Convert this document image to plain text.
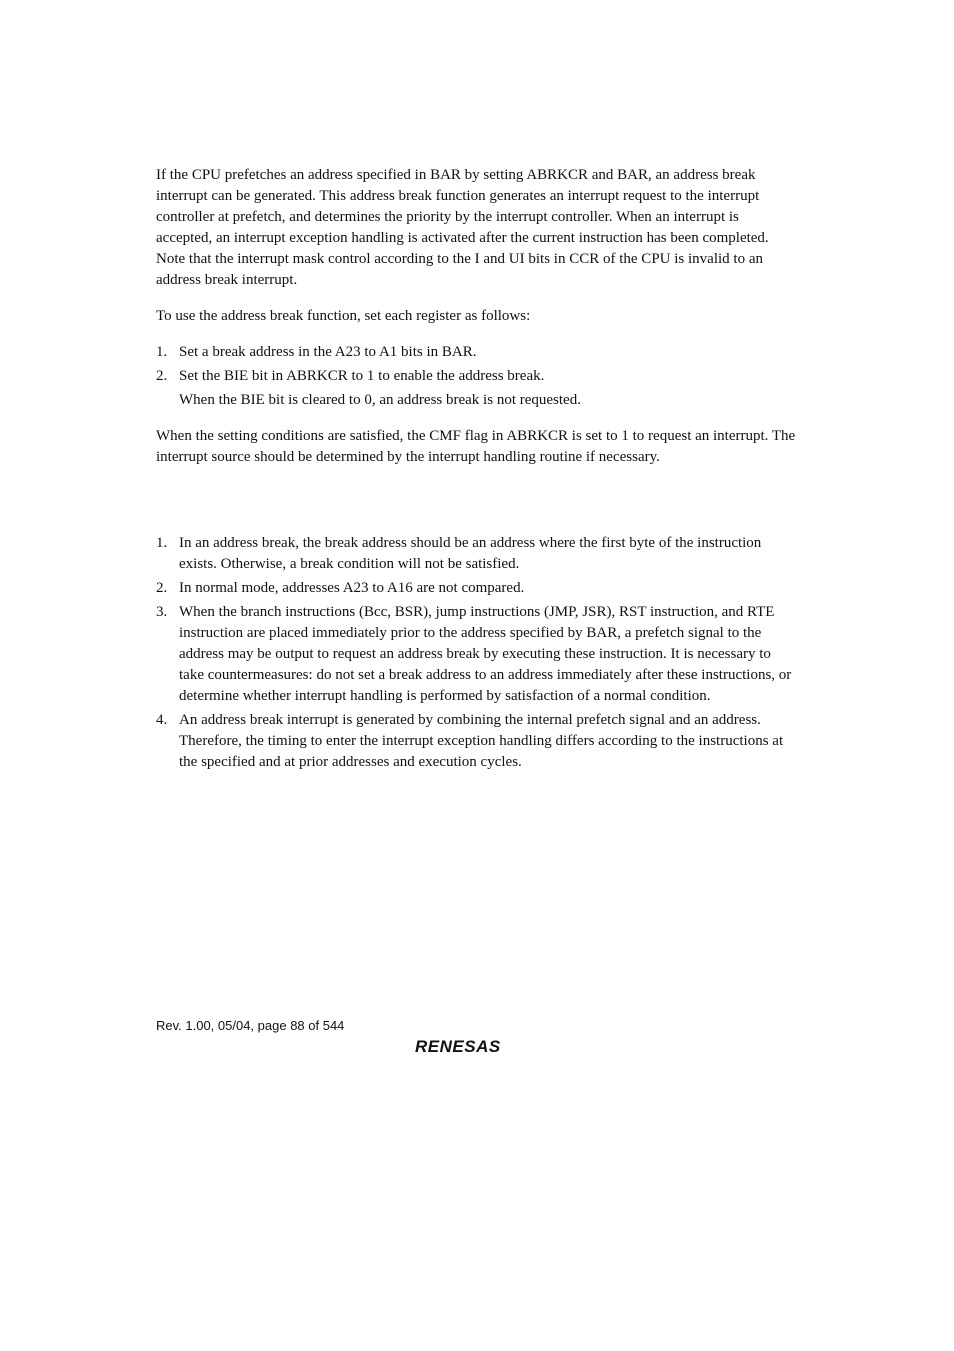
If the CPU prefetches an address specified in BAR by setting ABRKCR and BAR, an address break interrupt can be generated. This address break function generates an interrupt request to the interrupt controller at prefetch, and determines the priority by the interrupt controller. When an interrupt is accepted, an interrupt exception handling is activated after the current instruction has been completed. Note that the interrupt mask control according to the I and UI bits in CCR of the CPU is invalid to an address break interrupt.

To use the address break function, set each register as follows:

1. Set a break address in the A23 to A1 bits in BAR.
2. Set the BIE bit in ABRKCR to 1 to enable the address break.

When the BIE bit is cleared to 0, an address break is not requested.

When the setting conditions are satisfied, the CMF flag in ABRKCR is set to 1 to request an interrupt. The interrupt source should be determined by the interrupt handling routine if necessary.

1. In an address break, the break address should be an address where the first byte of the instruction exists. Otherwise, a break condition will not be satisfied.
2. In normal mode, addresses A23 to A16 are not compared.
3. When the branch instructions (Bcc, BSR), jump instructions (JMP, JSR), RST instruction, and RTE instruction are placed immediately prior to the address specified by BAR, a prefetch signal to the address may be output to request an address break by executing these instruction. It is necessary to take countermeasures: do not set a break address to an address immediately after these instructions, or determine whether interrupt handling is performed by satisfaction of a normal condition.
4. An address break interrupt is generated by combining the internal prefetch signal and an address. Therefore, the timing to enter the interrupt exception handling differs according to the instructions at the specified and at prior addresses and execution cycles.
Rev. 1.00, 05/04, page 88 of 544
RENESAS
